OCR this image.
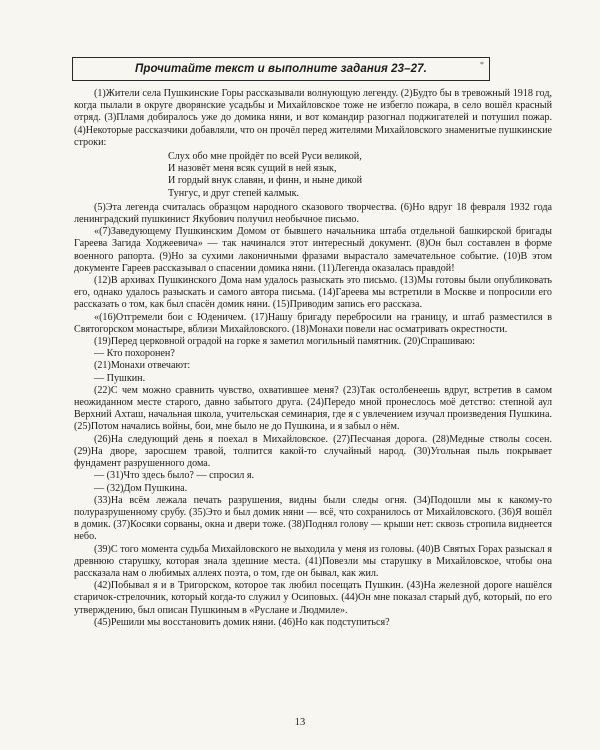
Прочитайте текст и выполните задания 23–27.	*

(1)Жители села Пушкинские Горы рассказывали волнующую легенду. (2)Будто бы в тревожный 1918 год, когда пылали в округе дворянские усадьбы и Михайловское тоже не избегло пожара, в село вошёл красный отряд. (3)Пламя добиралось уже до домика няни, и вот командир разогнал поджигателей и потушил пожар. (4)Некоторые рассказчики добавляли, что он прочёл перед жителями Михайловского знаменитые пушкинские строки:

Слух обо мне пройдёт по всей Руси великой,
И назовёт меня всяк сущий в ней язык,
И гордый внук славян, и финн, и ныне дикой
Тунгус, и друг степей калмык.

(5)Эта легенда считалась образцом народного сказового творчества. (6)Но вдруг 18 февраля 1932 года ленинградский пушкинист Якубович получил необычное письмо.

«(7)Заведующему Пушкинским Домом от бывшего начальника штаба отдельной башкирской бригады Гареева Загида Ходжеевича» — так начинался этот интересный документ. (8)Он был составлен в форме военного рапорта. (9)Но за сухими лаконичными фразами вырастало замечательное событие. (10)В этом документе Гареев рассказывал о спасении домика няни. (11)Легенда оказалась правдой!

(12)В архивах Пушкинского Дома нам удалось разыскать это письмо. (13)Мы готовы были опубликовать его, однако удалось разыскать и самого автора письма. (14)Гареева мы встретили в Москве и попросили его рассказать о том, как был спасён домик няни. (15)Приводим запись его рассказа.

«(16)Отгремели бои с Юденичем. (17)Нашу бригаду перебросили на границу, и штаб разместился в Святогорском монастыре, вблизи Михайловского. (18)Монахи повели нас осматривать окрестности.

(19)Перед церковной оградой на горке я заметил могильный памятник. (20)Спрашиваю:

— Кто похоронен?

(21)Монахи отвечают:

— Пушкин.

(22)С чем можно сравнить чувство, охватившее меня? (23)Так остолбенеешь вдруг, встретив в самом неожиданном месте старого, давно забытого друга. (24)Передо мной пронеслось моё детство: степной аул Верхний Ахташ, начальная школа, учительская семинария, где я с увлечением изучал произведения Пушкина. (25)Потом начались войны, бои, мне было не до Пушкина, и я забыл о нём.

(26)На следующий день я поехал в Михайловское. (27)Песчаная дорога. (28)Медные стволы сосен. (29)На дворе, заросшем травой, толпится какой-то случайный народ. (30)Угольная пыль покрывает фундамент разрушенного дома.

— (31)Что здесь было? — спросил я.

— (32)Дом Пушкина.

(33)На всём лежала печать разрушения, видны были следы огня. (34)Подошли мы к какому-то полуразрушенному срубу. (35)Это и был домик няни — всё, что сохранилось от Михайловского. (36)Я вошёл в домик. (37)Косяки сорваны, окна и двери тоже. (38)Поднял голову — крыши нет: сквозь стропила виднеется небо.

(39)С того момента судьба Михайловского не выходила у меня из головы. (40)В Святых Горах разыскал я древнюю старушку, которая знала здешние места. (41)Повезли мы старушку в Михайловское, чтобы она рассказала нам о любимых аллеях поэта, о том, где он бывал, как жил.

(42)Побывал я и в Тригорском, которое так любил посещать Пушкин. (43)На железной дороге нашёлся старичок-стрелочник, который когда-то служил у Осиповых. (44)Он мне показал старый дуб, который, по его утверждению, был описан Пушкиным в «Руслане и Людмиле».

(45)Решили мы восстановить домик няни. (46)Но как подступиться?

13
